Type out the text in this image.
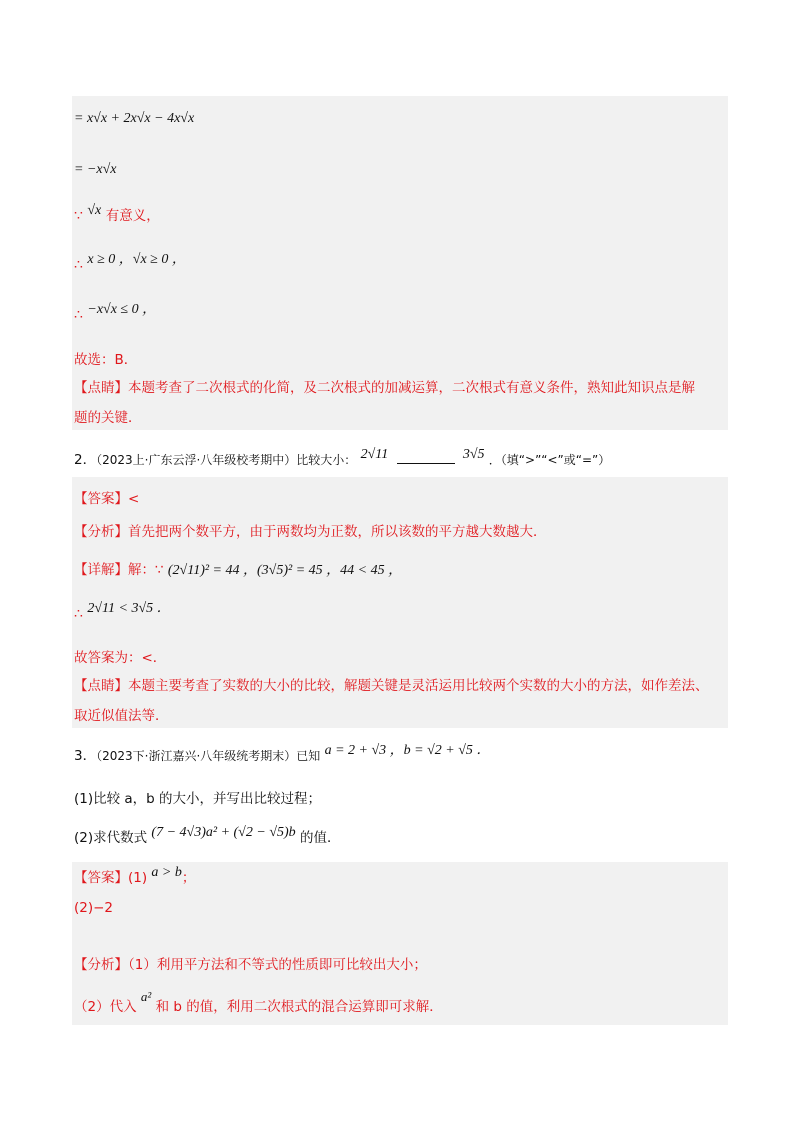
= x√x + 2x√x − 4x√x
= −x√x
∵ √x 有意义，
∴ x ≥ 0 ，√x ≥ 0 ，
∴ −x√x ≤ 0 ，
故选：B．
【点睛】本题考查了二次根式的化简，及二次根式的加减运算，二次根式有意义条件，熟知此知识点是解
题的关键．
2．（2023上·广东云浮·八年级校考期中）比较大小： 2√11	3√5 ．（填“>”“<”或“=”）
【答案】<
【分析】首先把两个数平方，由于两数均为正数，所以该数的平方越大数越大．
【详解】解：∵ (2√11)² = 44 ，(3√5)² = 45 ，44 < 45 ，
∴ 2√11 < 3√5 ．
故答案为：<．
【点睛】本题主要考查了实数的大小的比较，解题关键是灵活运用比较两个实数的大小的方法，如作差法、
取近似值法等．
3．（2023下·浙江嘉兴·八年级统考期末）已知 a = 2 + √3 ，b = √2 + √5 ．
(1)比较 a，b 的大小，并写出比较过程；
(2)求代数式 (7 − 4√3)a² + (√2 − √5)b 的值．
【答案】(1) a > b；
(2)−2
【分析】（1）利用平方法和不等式的性质即可比较出大小；
（2）代入 a² 和 b 的值，利用二次根式的混合运算即可求解．
